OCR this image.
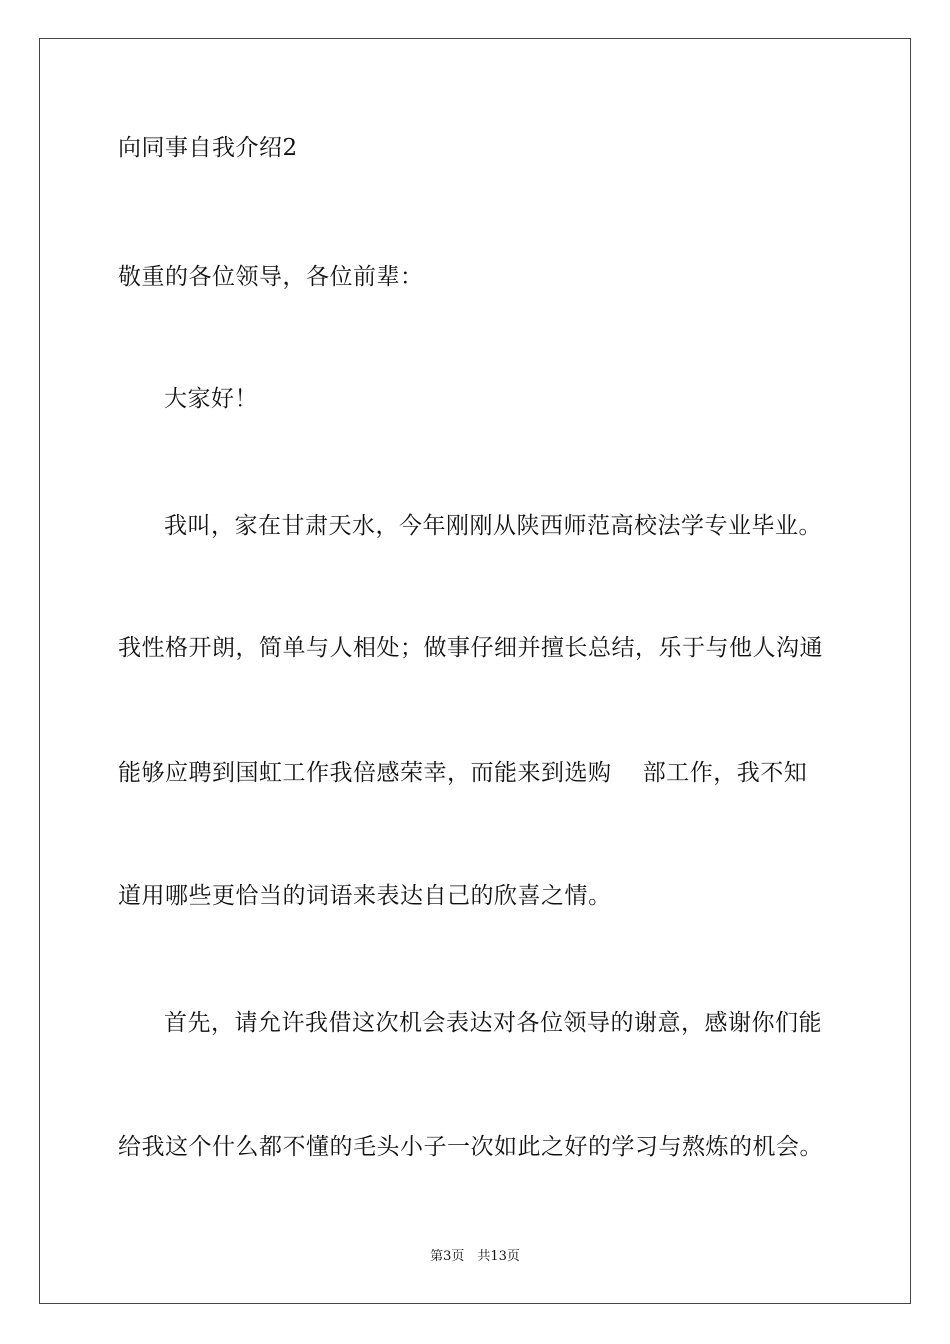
向同事自我介绍2
敬重的各位领导，各位前辈：
大家好！
我叫，家在甘肃天水，今年刚刚从陕西师范高校法学专业毕业。
我性格开朗，简单与人相处；做事仔细并擅长总结，乐于与他人沟通
能够应聘到国虹工作我倍感荣幸，而能来到选购　 部工作，我不知
道用哪些更恰当的词语来表达自己的欣喜之情。
首先，请允许我借这次机会表达对各位领导的谢意，感谢你们能
给我这个什么都不懂的毛头小子一次如此之好的学习与熬炼的机会。
第3页　共13页
